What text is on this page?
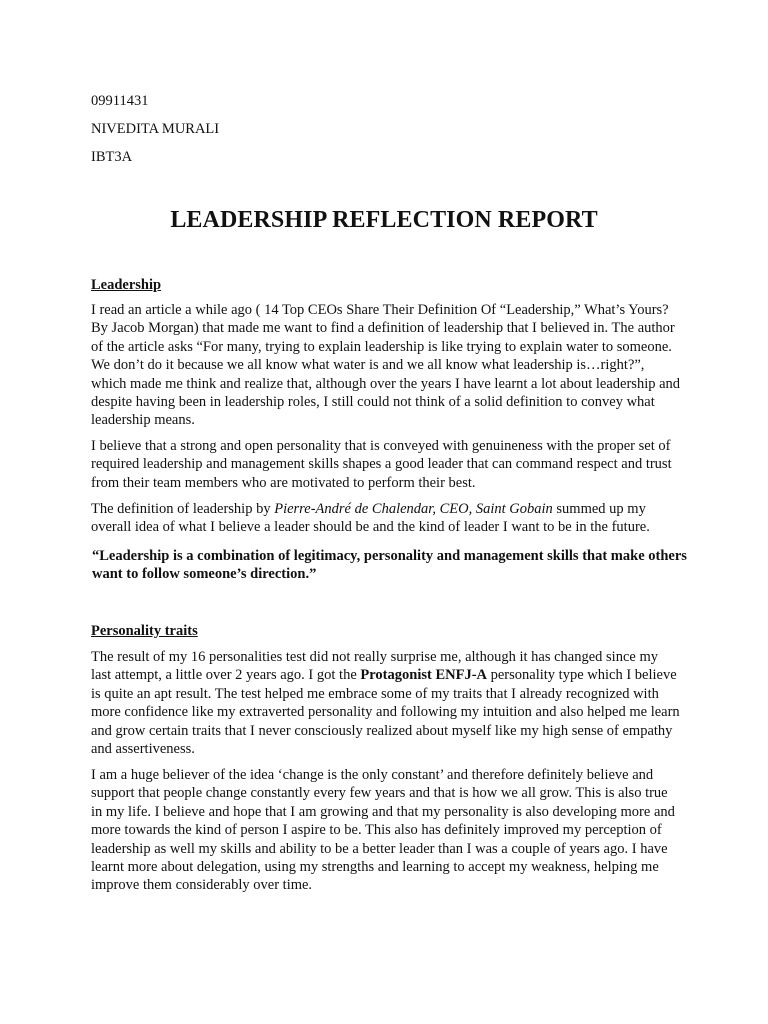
09911431

NIVEDITA MURALI

IBT3A

LEADERSHIP REFLECTION REPORT

Leadership

I read an article a while ago ( 14 Top CEOs Share Their Definition Of “Leadership,” What’s Yours? By Jacob Morgan) that made me want to find a definition of leadership that I believed in. The author of the article asks “For many, trying to explain leadership is like trying to explain water to someone. We don’t do it because we all know what water is and we all know what leadership is…right?”, which made me think and realize that, although over the years I have learnt a lot about leadership and despite having been in leadership roles, I still could not think of a solid definition to convey what leadership means.

I believe that a strong and open personality that is conveyed with genuineness with the proper set of required leadership and management skills shapes a good leader that can command respect and trust from their team members who are motivated to perform their best.

The definition of leadership by Pierre-André de Chalendar, CEO, Saint Gobain summed up my overall idea of what I believe a leader should be and the kind of leader I want to be in the future.

“Leadership is a combination of legitimacy, personality and management skills that make others want to follow someone’s direction.”

Personality traits

The result of my 16 personalities test did not really surprise me, although it has changed since my last attempt, a little over 2 years ago. I got the Protagonist ENFJ-A personality type which I believe is quite an apt result. The test helped me embrace some of my traits that I already recognized with more confidence like my extraverted personality and following my intuition and also helped me learn and grow certain traits that I never consciously realized about myself like my high sense of empathy and assertiveness.

I am a huge believer of the idea ‘change is the only constant’ and therefore definitely believe and support that people change constantly every few years and that is how we all grow. This is also true in my life. I believe and hope that I am growing and that my personality is also developing more and more towards the kind of person I aspire to be. This also has definitely improved my perception of leadership as well my skills and ability to be a better leader than I was a couple of years ago. I have learnt more about delegation, using my strengths and learning to accept my weakness, helping me improve them considerably over time.
